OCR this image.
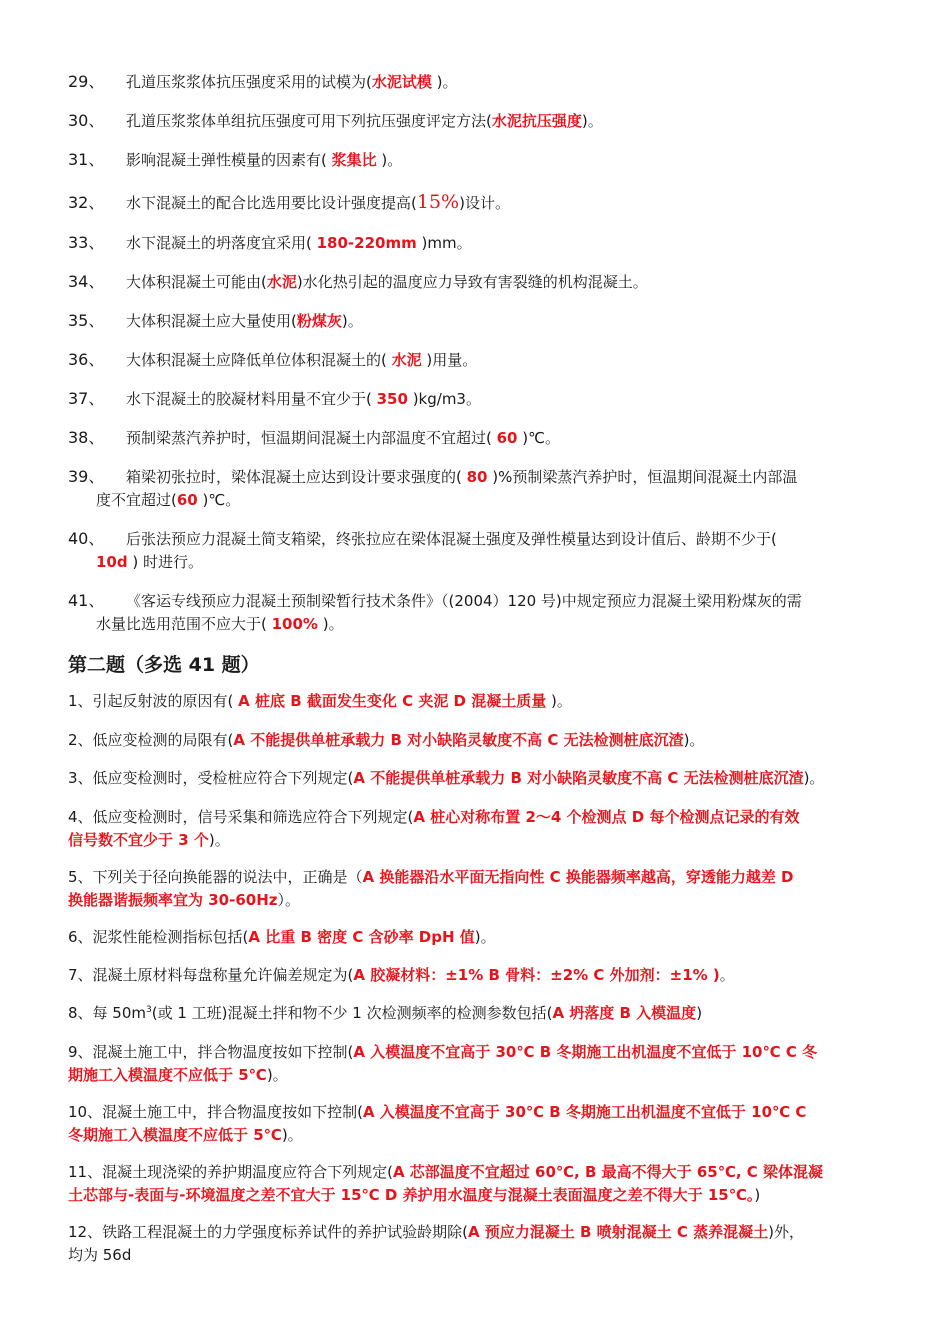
29、 孔道压浆浆体抗压强度采用的试模为(水泥试模 )。
30、 孔道压浆浆体单组抗压强度可用下列抗压强度评定方法(水泥抗压强度)。
31、 影响混凝土弹性模量的因素有( 浆集比 )。
32、 水下混凝土的配合比选用要比设计强度提高(15%)设计。
33、 水下混凝土的坍落度宜采用( 180-220mm )mm。
34、 大体积混凝土可能由(水泥)水化热引起的温度应力导致有害裂缝的机构混凝土。
35、 大体积混凝土应大量使用(粉煤灰)。
36、 大体积混凝土应降低单位体积混凝土的( 水泥 )用量。
37、 水下混凝土的胶凝材料用量不宜少于( 350 )kg/m3。
38、 预制梁蒸汽养护时，恒温期间混凝土内部温度不宜超过( 60 )℃。
39、 箱梁初张拉时，梁体混凝土应达到设计要求强度的( 80 )%预制梁蒸汽养护时，恒温期间混凝土内部温
度不宜超过(60 )℃。
40、 后张法预应力混凝土简支箱梁，终张拉应在梁体混凝土强度及弹性模量达到设计值后、龄期不少于(
10d ) 时进行。
41、 《客运专线预应力混凝土预制梁暂行技术条件》（(2004）120 号)中规定预应力混凝土梁用粉煤灰的需
水量比选用范围不应大于( 100% )。
第二题（多选 41 题）
1、引起反射波的原因有( A 桩底 B 截面发生变化 C 夹泥 D 混凝土质量 )。
2、低应变检测的局限有(A 不能提供单桩承载力 B 对小缺陷灵敏度不高 C 无法检测桩底沉渣)。
3、低应变检测时，受检桩应符合下列规定(A 不能提供单桩承载力 B 对小缺陷灵敏度不高 C 无法检测桩底沉渣)。
4、低应变检测时，信号采集和筛选应符合下列规定(A 桩心对称布置 2～4 个检测点 D 每个检测点记录的有效
信号数不宜少于 3 个)。
5、下列关于径向换能器的说法中，正确是（A 换能器沿水平面无指向性 C 换能器频率越高，穿透能力越差 D
换能器谐振频率宜为 30-60Hz）。
6、泥浆性能检测指标包括(A 比重 B 密度 C 含砂率 DpH 值)。
7、混凝土原材料每盘称量允许偏差规定为(A 胶凝材料：±1% B 骨料：±2% C 外加剂：±1% )。
8、每 $50m^3$(或 1 工班)混凝土拌和物不少 1 次检测频率的检测参数包括(A 坍落度 B 入模温度)
9、混凝土施工中，拌合物温度按如下控制(A 入模温度不宜高于 30℃ B 冬期施工出机温度不宜低于 10℃ C 冬
期施工入模温度不应低于 5℃)。
10、混凝土施工中，拌合物温度按如下控制(A 入模温度不宜高于 30℃ B 冬期施工出机温度不宜低于 10℃ C
冬期施工入模温度不应低于 5℃)。
11、混凝土现浇梁的养护期温度应符合下列规定(A 芯部温度不宜超过 60℃, B 最高不得大于 65℃, C 梁体混凝
土芯部与-表面与-环境温度之差不宜大于 15℃ D 养护用水温度与混凝土表面温度之差不得大于 15℃。)
12、铁路工程混凝土的力学强度标养试件的养护试验龄期除(A 预应力混凝土 B 喷射混凝土 C 蒸养混凝土)外，
均为 56d
